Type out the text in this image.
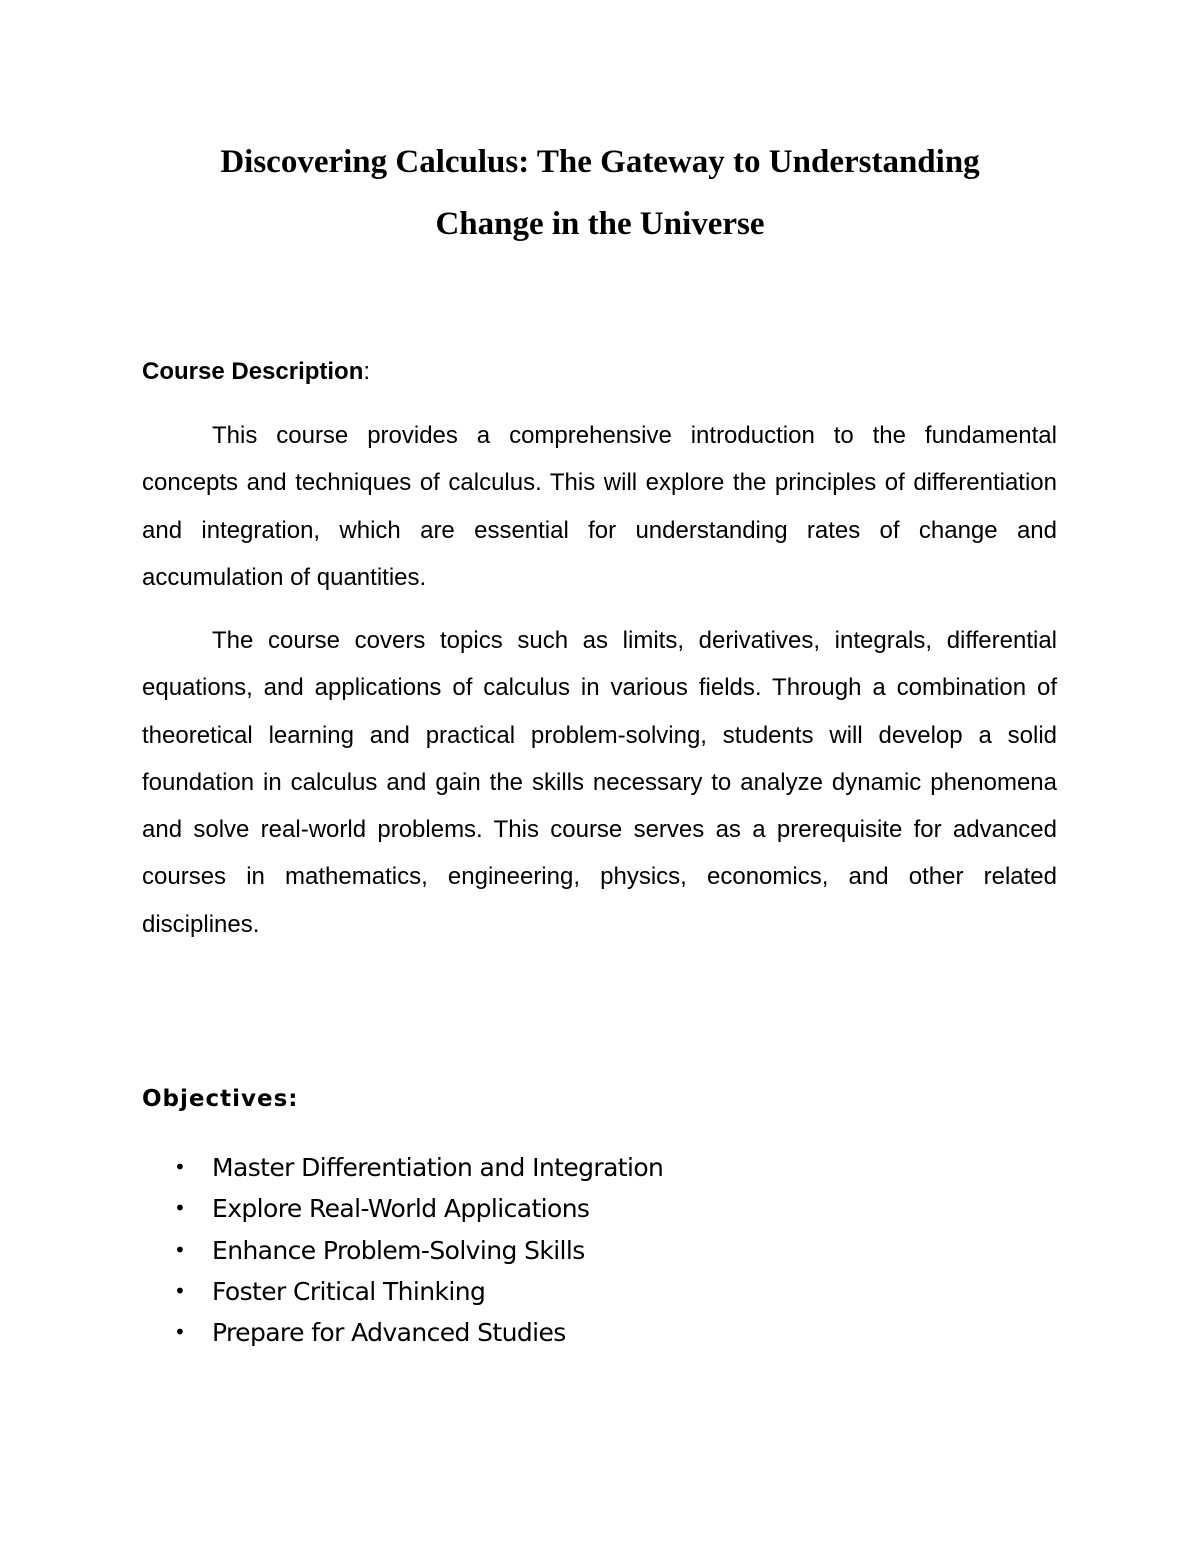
Discovering Calculus: The Gateway to Understanding
Change in the Universe

Course Description:

This course provides a comprehensive introduction to the fundamental concepts and techniques of calculus. This will explore the principles of differentiation and integration, which are essential for understanding rates of change and accumulation of quantities.

The course covers topics such as limits, derivatives, integrals, differential equations, and applications of calculus in various fields. Through a combination of theoretical learning and practical problem-solving, students will develop a solid foundation in calculus and gain the skills necessary to analyze dynamic phenomena and solve real-world problems. This course serves as a prerequisite for advanced courses in mathematics, engineering, physics, economics, and other related disciplines.

Objectives:
• Master Differentiation and Integration
• Explore Real-World Applications
• Enhance Problem-Solving Skills
• Foster Critical Thinking
• Prepare for Advanced Studies
